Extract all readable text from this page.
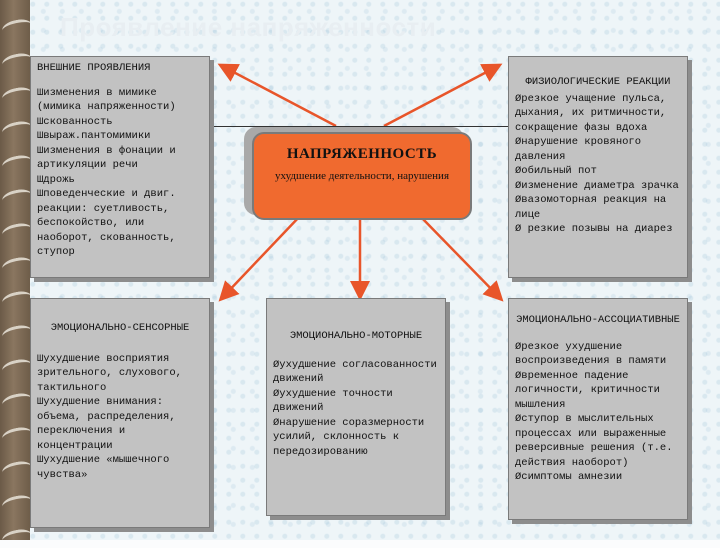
Проявление напряженности
ВНЕШНИЕ ПРОЯВЛЕНИЯ
Шизменения в мимике (мимика напряженности)
Шскованность
Швыраж.пантомимики
Шизменения в фонации и артикуляции речи
Шдрожь
Шповеденческие и двиг. реакции: суетливость, беспокойство, или наоборот, скованность, ступор
ФИЗИОЛОГИЧЕСКИЕ РЕАКЦИИ
Øрезкое учащение пульса, дыхания, их ритмичности, сокращение фазы вдоха
Øнарушение кровяного давления
Øобильный пот
Øизменение диаметра зрачка
Øвазомоторная реакция на лице
Ø резкие позывы на диарез
НАПРЯЖЕННОСТЬ
ухудшение деятельности, нарушения
ЭМОЦИОНАЛЬНО-СЕНСОРНЫЕ
Шухудшение восприятия зрительного, слухового, тактильного
Шухудшение внимания: объема, распределения, переключения и концентрации
Шухудшение «мышечного чувства»
ЭМОЦИОНАЛЬНО-МОТОРНЫЕ
Øухудшение согласованности движений
Øухудшение точности движений
Øнарушение соразмерности усилий, склонность к передозированию
ЭМОЦИОНАЛЬНО-АССОЦИАТИВНЫЕ
Øрезкое ухудшение воспроизведения в памяти
Øвременное падение логичности, критичности мышления
Øступор в мыслительных процессах или выраженные реверсивные решения (т.е. действия наоборот)
Øсимптомы амнезии
